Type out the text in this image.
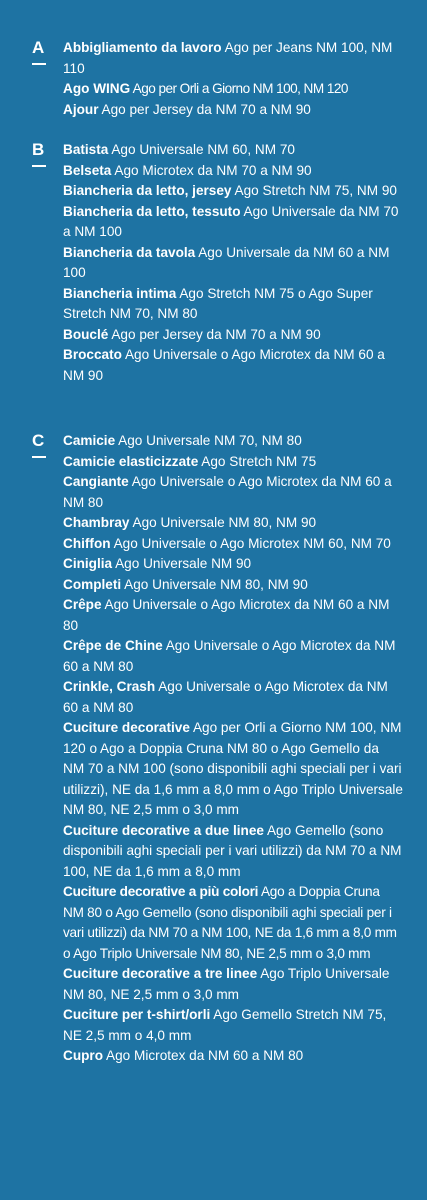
A Abbigliamento da lavoro Ago per Jeans NM 100, NM 110

Ago WING Ago per Orli a Giorno NM 100, NM 120

Ajour Ago per Jersey da NM 70 a NM 90

B Batista Ago Universale NM 60, NM 70

Belseta Ago Microtex da NM 70 a NM 90

Biancheria da letto, jersey Ago Stretch NM 75, NM 90

Biancheria da letto, tessuto Ago Universale da NM 70 a NM 100

Biancheria da tavola Ago Universale da NM 60 a NM 100

Biancheria intima Ago Stretch NM 75 o Ago Super Stretch NM 70, NM 80

Bouclé Ago per Jersey da NM 70 a NM 90

Broccato Ago Universale o Ago Microtex da NM 60 a NM 90

C Camicie Ago Universale NM 70, NM 80

Camicie elasticizzate Ago Stretch NM 75

Cangiante Ago Universale o Ago Microtex da NM 60 a NM 80

Chambray Ago Universale NM 80, NM 90

Chiffon Ago Universale o Ago Microtex NM 60, NM 70

Ciniglia Ago Universale NM 90

Completi Ago Universale NM 80, NM 90

Crêpe Ago Universale o Ago Microtex da NM 60 a NM 80

Crêpe de Chine Ago Universale o Ago Microtex da NM 60 a NM 80

Crinkle, Crash Ago Universale o Ago Microtex da NM 60 a NM 80

Cuciture decorative Ago per Orli a Giorno NM 100, NM 120 o Ago a Doppia Cruna NM 80 o Ago Gemello da NM 70 a NM 100 (sono disponibili aghi speciali per i vari utilizzi), NE da 1,6 mm a 8,0 mm o Ago Triplo Universale NM 80, NE 2,5 mm o 3,0 mm

Cuciture decorative a due linee Ago Gemello (sono disponibili aghi speciali per i vari utilizzi) da NM 70 a NM 100, NE da 1,6 mm a 8,0 mm

Cuciture decorative a più colori Ago a Doppia Cruna NM 80 o Ago Gemello (sono disponibili aghi speciali per i vari utilizzi) da NM 70 a NM 100, NE da 1,6 mm a 8,0 mm o Ago Triplo Universale NM 80, NE 2,5 mm o 3,0 mm

Cuciture decorative a tre linee Ago Triplo Universale NM 80, NE 2,5 mm o 3,0 mm

Cuciture per t-shirt/orli Ago Gemello Stretch NM 75, NE 2,5 mm o 4,0 mm

Cupro Ago Microtex da NM 60 a NM 80
